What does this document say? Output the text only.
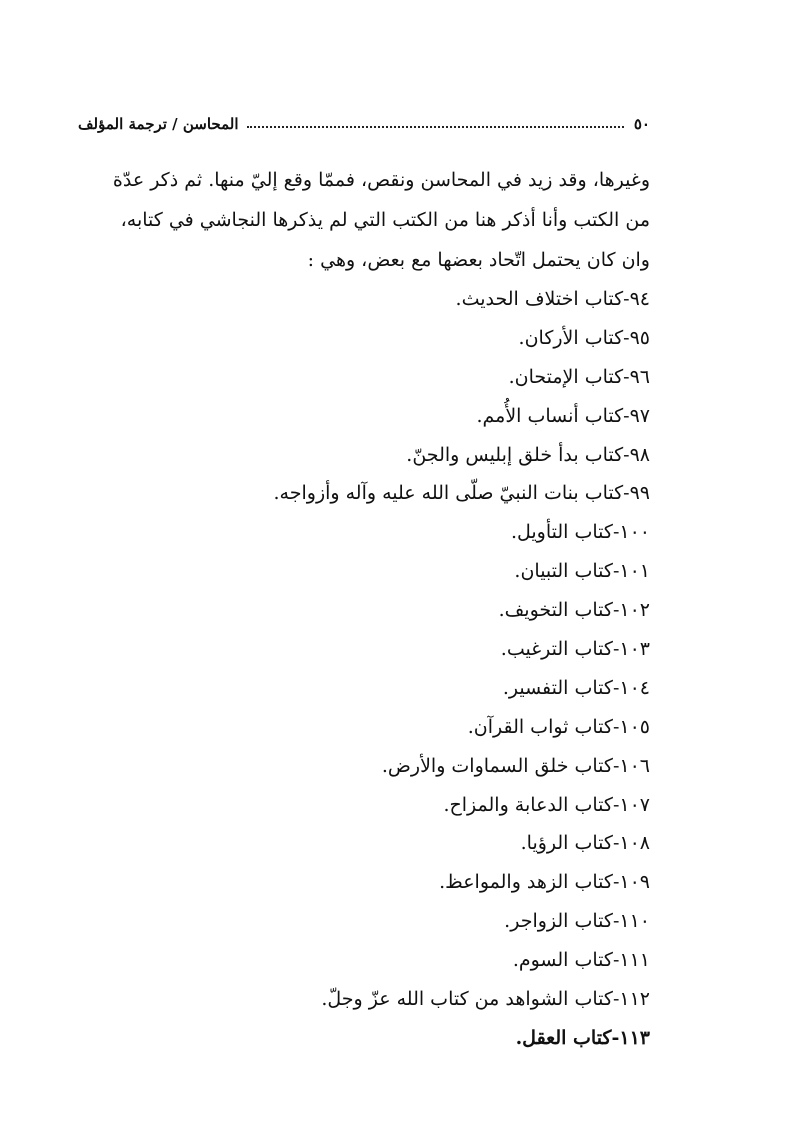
٥٠
المحاسن / ترجمة المؤلف

وغيرها، وقد زيد في المحاسن ونقص، فممّا وقع إليّ منها. ثم ذكر عدّة
من الكتب وأنا أذكر هنا من الكتب التي لم يذكرها النجاشي في كتابه،
وان كان يحتمل اتّحاد بعضها مع بعض، وهي :

٩٤-كتاب اختلاف الحديث.
٩٥-كتاب الأركان.
٩٦-كتاب الإمتحان.
٩٧-كتاب أنساب الأُمم.
٩٨-كتاب بدأ خلق إبليس والجنّ.
٩٩-كتاب بنات النبيّ صلّى الله عليه وآله وأزواجه.
١٠٠-كتاب التأويل.
١٠١-كتاب التبيان.
١٠٢-كتاب التخويف.
١٠٣-كتاب الترغيب.
١٠٤-كتاب التفسير.
١٠٥-كتاب ثواب القرآن.
١٠٦-كتاب خلق السماوات والأرض.
١٠٧-كتاب الدعابة والمزاح.
١٠٨-كتاب الرؤيا.
١٠٩-كتاب الزهد والمواعظ.
١١٠-كتاب الزواجر.
١١١-كتاب السوم.
١١٢-كتاب الشواهد من كتاب الله عزّ وجلّ.
١١٣-كتاب العقل.
